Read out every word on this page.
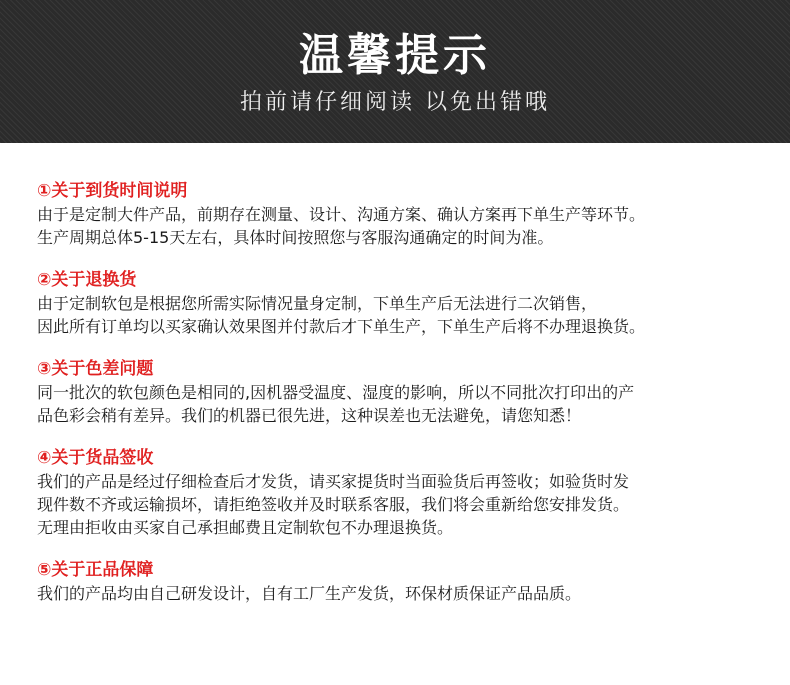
温馨提示
拍前请仔细阅读 以免出错哦
①关于到货时间说明
由于是定制大件产品，前期存在测量、设计、沟通方案、确认方案再下单生产等环节。
生产周期总体5-15天左右，具体时间按照您与客服沟通确定的时间为准。
②关于退换货
由于定制软包是根据您所需实际情况量身定制，下单生产后无法进行二次销售，
因此所有订单均以买家确认效果图并付款后才下单生产，下单生产后将不办理退换货。
③关于色差问题
同一批次的软包颜色是相同的,因机器受温度、湿度的影响，所以不同批次打印出的产
品色彩会稍有差异。我们的机器已很先进，这种误差也无法避免，请您知悉！
④关于货品签收
我们的产品是经过仔细检查后才发货，请买家提货时当面验货后再签收；如验货时发
现件数不齐或运输损坏，请拒绝签收并及时联系客服，我们将会重新给您安排发货。
无理由拒收由买家自己承担邮费且定制软包不办理退换货。
⑤关于正品保障
我们的产品均由自己研发设计，自有工厂生产发货，环保材质保证产品品质。
